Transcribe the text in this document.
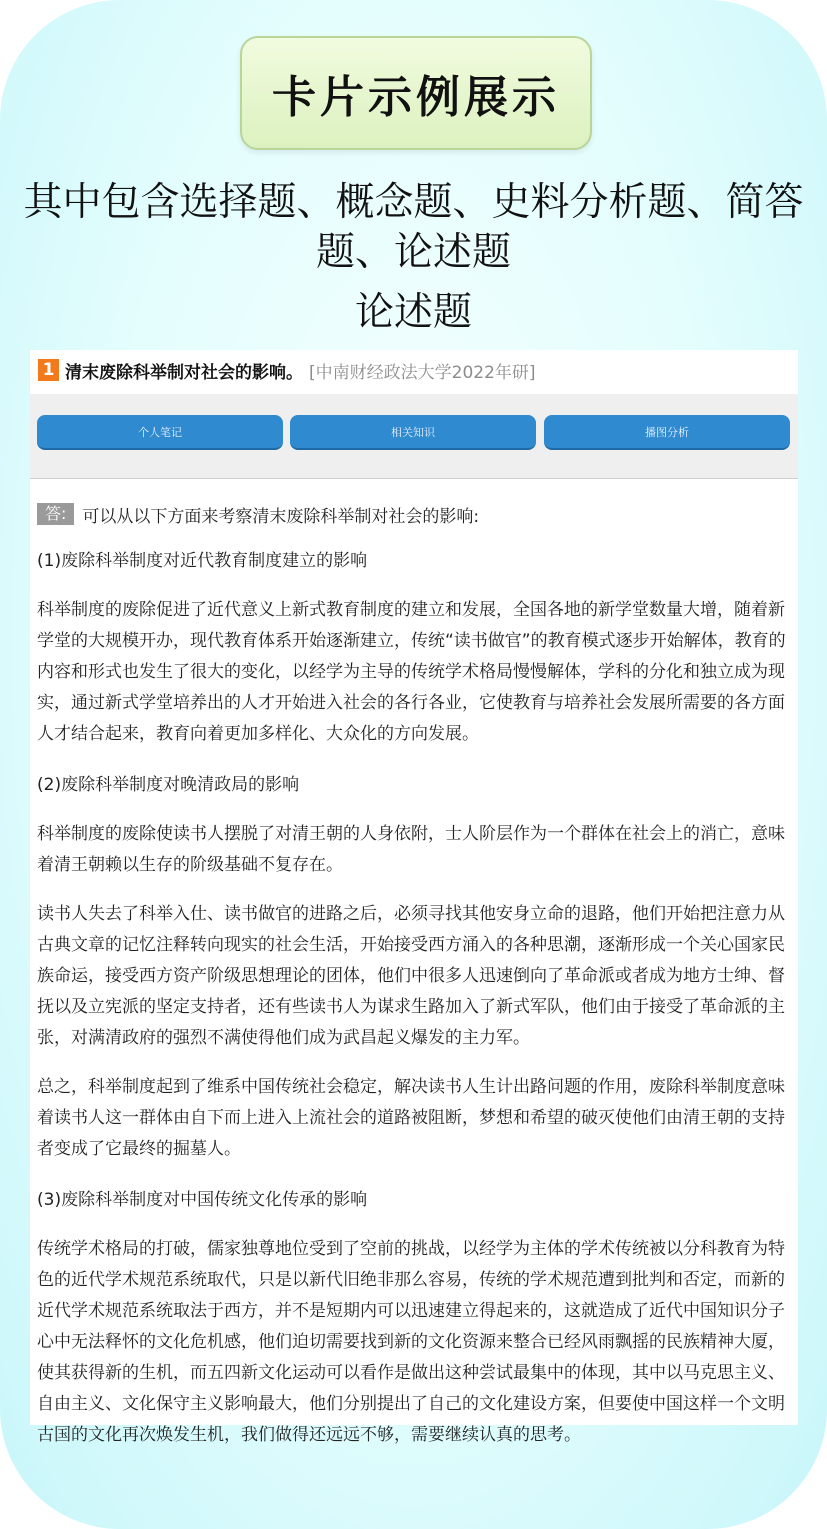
卡片示例展示
其中包含选择题、概念题、史料分析题、简答题、论述题
论述题
1 清末废除科举制对社会的影响。 [中南财经政法大学2022年研]
个人笔记	相关知识	播图分析
答: 可以从以下方面来考察清末废除科举制对社会的影响:

(1)废除科举制度对近代教育制度建立的影响

科举制度的废除促进了近代意义上新式教育制度的建立和发展，全国各地的新学堂数量大增，随着新学堂的大规模开办，现代教育体系开始逐渐建立，传统“读书做官”的教育模式逐步开始解体，教育的内容和形式也发生了很大的变化，以经学为主导的传统学术格局慢慢解体，学科的分化和独立成为现实，通过新式学堂培养出的人才开始进入社会的各行各业，它使教育与培养社会发展所需要的各方面人才结合起来，教育向着更加多样化、大众化的方向发展。

(2)废除科举制度对晚清政局的影响

科举制度的废除使读书人摆脱了对清王朝的人身依附，士人阶层作为一个群体在社会上的消亡，意味着清王朝赖以生存的阶级基础不复存在。

读书人失去了科举入仕、读书做官的进路之后，必须寻找其他安身立命的退路，他们开始把注意力从古典文章的记忆注释转向现实的社会生活，开始接受西方涌入的各种思潮，逐渐形成一个关心国家民族命运，接受西方资产阶级思想理论的团体，他们中很多人迅速倒向了革命派或者成为地方士绅、督抚以及立宪派的坚定支持者，还有些读书人为谋求生路加入了新式军队，他们由于接受了革命派的主张，对满清政府的强烈不满使得他们成为武昌起义爆发的主力军。

总之，科举制度起到了维系中国传统社会稳定，解决读书人生计出路问题的作用，废除科举制度意味着读书人这一群体由自下而上进入上流社会的道路被阻断，梦想和希望的破灭使他们由清王朝的支持者变成了它最终的掘墓人。

(3)废除科举制度对中国传统文化传承的影响

传统学术格局的打破，儒家独尊地位受到了空前的挑战，以经学为主体的学术传统被以分科教育为特色的近代学术规范系统取代，只是以新代旧绝非那么容易，传统的学术规范遭到批判和否定，而新的近代学术规范系统取法于西方，并不是短期内可以迅速建立得起来的，这就造成了近代中国知识分子心中无法释怀的文化危机感，他们迫切需要找到新的文化资源来整合已经风雨飘摇的民族精神大厦，使其获得新的生机，而五四新文化运动可以看作是做出这种尝试最集中的体现，其中以马克思主义、自由主义、文化保守主义影响最大，他们分别提出了自己的文化建设方案，但要使中国这样一个文明古国的文化再次焕发生机，我们做得还远远不够，需要继续认真的思考。
